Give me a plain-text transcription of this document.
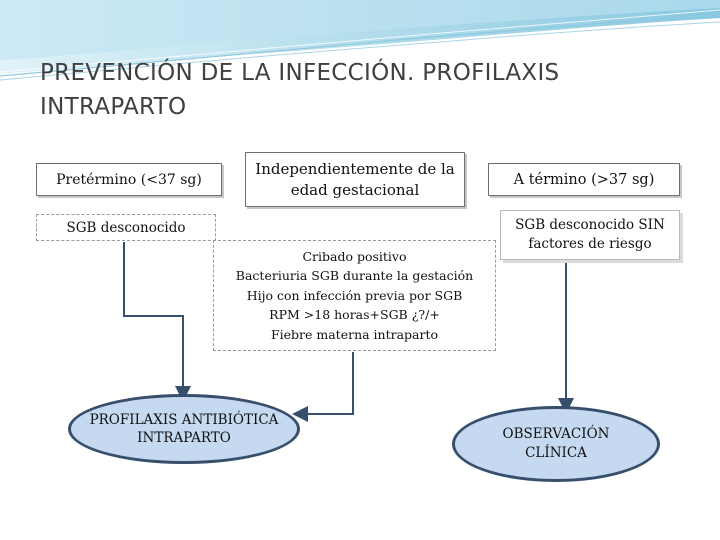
PREVENCIÓN DE LA INFECCIÓN. PROFILAXIS INTRAPARTO
Pretérmino (<37 sg)
Independientemente de la edad gestacional
A término (>37 sg)
SGB desconocido	SGB desconocido SIN factores de riesgo
Cribado positivo
Bacteriuria SGB durante la gestación
Hijo con infección previa por SGB
RPM >18 horas+SGB ¿?/+
Fiebre materna intraparto
PROFILAXIS ANTIBIÓTICA INTRAPARTO	OBSERVACIÓN CLÍNICA
